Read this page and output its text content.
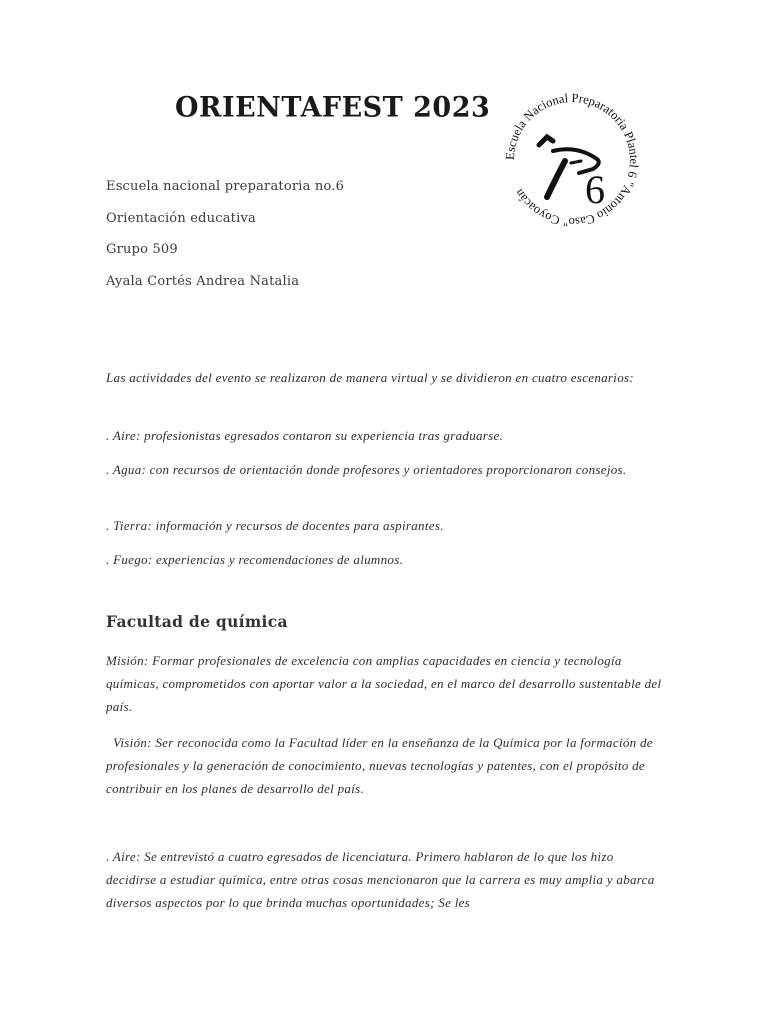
ORIENTAFEST 2023
Escuela Nacional Preparatoria Plantel 6 "Antonio Caso" Coyoacán	6
Escuela nacional preparatoria no.6
Orientación educativa
Grupo 509
Ayala Cortés Andrea Natalia

Las actividades del evento se realizaron de manera virtual y se dividieron en cuatro escenarios:

. Aire: profesionistas egresados contaron su experiencia tras graduarse.

. Agua: con recursos de orientación donde profesores y orientadores proporcionaron consejos.

. Tierra: información y recursos de docentes para aspirantes.

. Fuego: experiencias y recomendaciones de alumnos.

Facultad de química

Misión: Formar profesionales de excelencia con amplias capacidades en ciencia y tecnología químicas, comprometidos con aportar valor a la sociedad, en el marco del desarrollo sustentable del país.

Visión: Ser reconocida como la Facultad líder en la enseñanza de la Química por la formación de profesionales y la generación de conocimiento, nuevas tecnologías y patentes, con el propósito de contribuir en los planes de desarrollo del país.

. Aire: Se entrevistó a cuatro egresados de licenciatura. Primero hablaron de lo que los hizo decidirse a estudiar química, entre otras cosas mencionaron que la carrera es muy amplia y abarca diversos aspectos por lo que brinda muchas oportunidades; Se les
